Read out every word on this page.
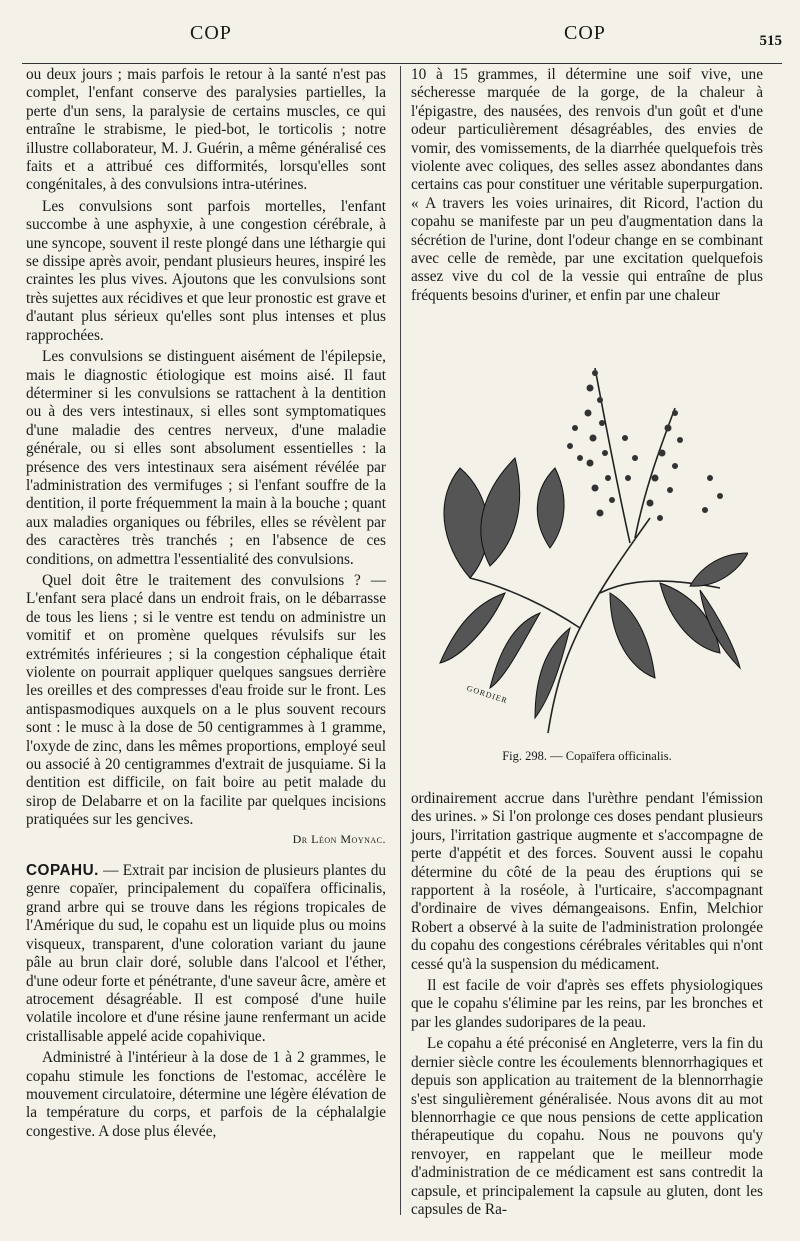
COP	COP	515

ou deux jours ; mais parfois le retour à la santé n'est pas complet, l'enfant conserve des paralysies partielles, la perte d'un sens, la paralysie de certains muscles, ce qui entraîne le strabisme, le pied-bot, le torticolis ; notre illustre collaborateur, M. J. Guérin, a même généralisé ces faits et a attribué ces difformités, lorsqu'elles sont congénitales, à des convulsions intra-utérines.

Les convulsions sont parfois mortelles, l'enfant succombe à une asphyxie, à une congestion cérébrale, à une syncope, souvent il reste plongé dans une léthargie qui se dissipe après avoir, pendant plusieurs heures, inspiré les craintes les plus vives. Ajoutons que les convulsions sont très sujettes aux récidives et que leur pronostic est grave et d'autant plus sérieux qu'elles sont plus intenses et plus rapprochées.

Les convulsions se distinguent aisément de l'épilepsie, mais le diagnostic étiologique est moins aisé. Il faut déterminer si les convulsions se rattachent à la dentition ou à des vers intestinaux, si elles sont symptomatiques d'une maladie des centres nerveux, d'une maladie générale, ou si elles sont absolument essentielles : la présence des vers intestinaux sera aisément révélée par l'administration des vermifuges ; si l'enfant souffre de la dentition, il porte fréquemment la main à la bouche ; quant aux maladies organiques ou fébriles, elles se révèlent par des caractères très tranchés ; en l'absence de ces conditions, on admettra l'essentialité des convulsions.

Quel doit être le traitement des convulsions ? — L'enfant sera placé dans un endroit frais, on le débarrasse de tous les liens ; si le ventre est tendu on administre un vomitif et on promène quelques révulsifs sur les extrémités inférieures ; si la congestion céphalique était violente on pourrait appliquer quelques sangsues derrière les oreilles et des compresses d'eau froide sur le front. Les antispasmodiques auxquels on a le plus souvent recours sont : le musc à la dose de 50 centigrammes à 1 gramme, l'oxyde de zinc, dans les mêmes proportions, employé seul ou associé à 20 centigrammes d'extrait de jusquiame. Si la dentition est difficile, on fait boire au petit malade du sirop de Delabarre et on la facilite par quelques incisions pratiquées sur les gencives.

Dr Léon Moynac.

COPAHU. — Extrait par incision de plusieurs plantes du genre copaïer, principalement du copaïfera officinalis, grand arbre qui se trouve dans les régions tropicales de l'Amérique du sud, le copahu est un liquide plus ou moins visqueux, transparent, d'une coloration variant du jaune pâle au brun clair doré, soluble dans l'alcool et l'éther, d'une odeur forte et pénétrante, d'une saveur âcre, amère et atrocement désagréable. Il est composé d'une huile volatile incolore et d'une résine jaune renfermant un acide cristallisable appelé acide copahivique.

Administré à l'intérieur à la dose de 1 à 2 grammes, le copahu stimule les fonctions de l'estomac, accélère le mouvement circulatoire, détermine une légère élévation de la température du corps, et parfois de la céphalalgie congestive. A dose plus élevée,

10 à 15 grammes, il détermine une soif vive, une sécheresse marquée de la gorge, de la chaleur à l'épigastre, des nausées, des renvois d'un goût et d'une odeur particulièrement désagréables, des envies de vomir, des vomissements, de la diarrhée quelquefois très violente avec coliques, des selles assez abondantes dans certains cas pour constituer une véritable superpurgation. « A travers les voies urinaires, dit Ricord, l'action du copahu se manifeste par un peu d'augmentation dans la sécrétion de l'urine, dont l'odeur change en se combinant avec celle de remède, par une excitation quelquefois assez vive du col de la vessie qui entraîne de plus fréquents besoins d'uriner, et enfin par une chaleur

GORDIER
Fig. 298. — Copaïfera officinalis.

ordinairement accrue dans l'urèthre pendant l'émission des urines. » Si l'on prolonge ces doses pendant plusieurs jours, l'irritation gastrique augmente et s'accompagne de perte d'appétit et des forces. Souvent aussi le copahu détermine du côté de la peau des éruptions qui se rapportent à la roséole, à l'urticaire, s'accompagnant d'ordinaire de vives démangeaisons. Enfin, Melchior Robert a observé à la suite de l'administration prolongée du copahu des congestions cérébrales véritables qui n'ont cessé qu'à la suspension du médicament.

Il est facile de voir d'après ses effets physiologiques que le copahu s'élimine par les reins, par les bronches et par les glandes sudoripares de la peau.

Le copahu a été préconisé en Angleterre, vers la fin du dernier siècle contre les écoulements blennorrhagiques et depuis son application au traitement de la blennorrhagie s'est singulièrement généralisée. Nous avons dit au mot blennorrhagie ce que nous pensions de cette application thérapeutique du copahu. Nous ne pouvons qu'y renvoyer, en rappelant que le meilleur mode d'administration de ce médicament est sans contredit la capsule, et principalement la capsule au gluten, dont les capsules de Ra-
